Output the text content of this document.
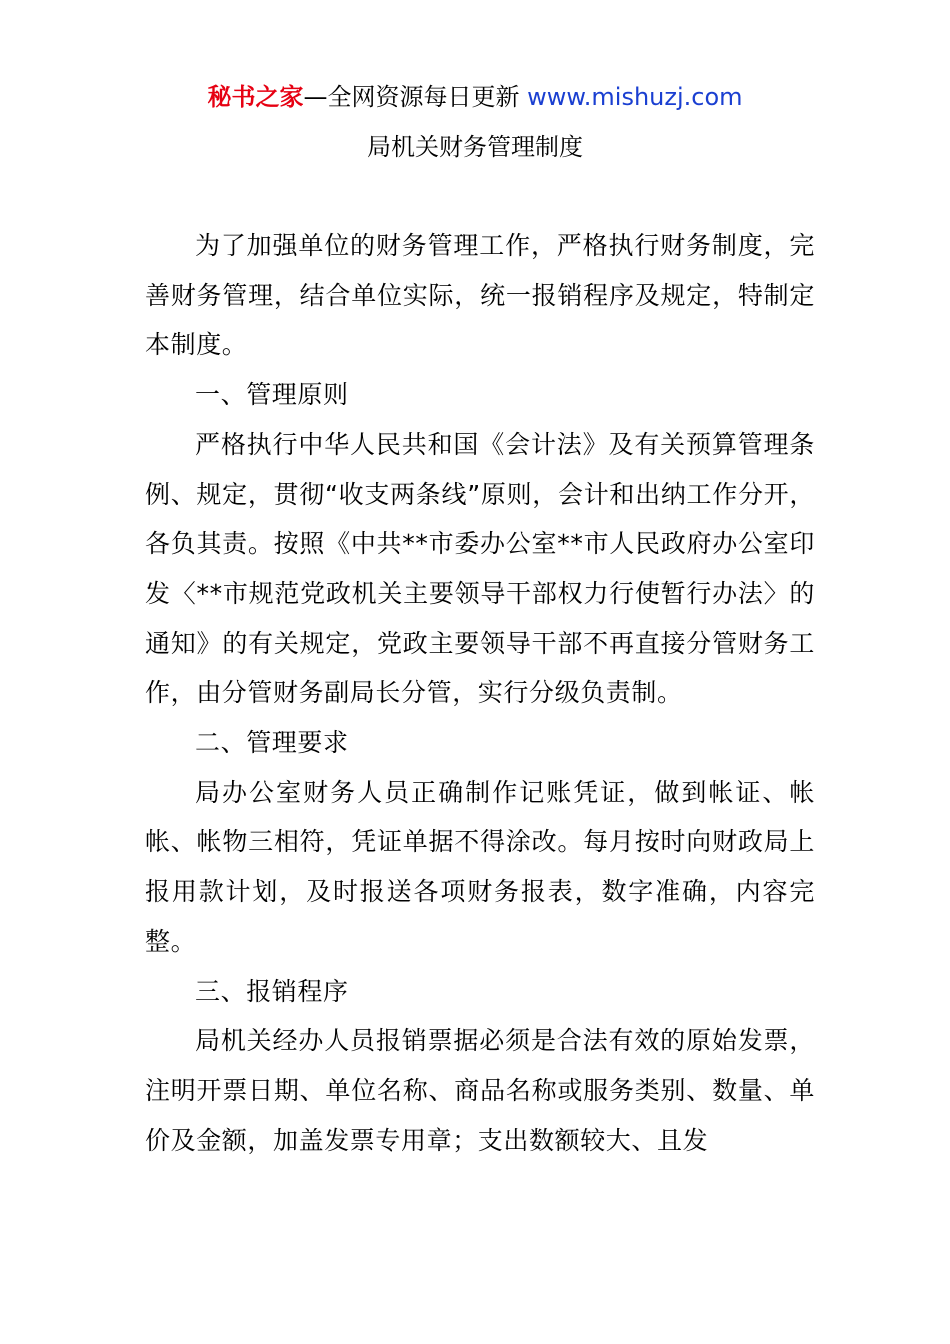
秘书之家—全网资源每日更新 www.mishuzj.com
局机关财务管理制度

为了加强单位的财务管理工作，严格执行财务制度，完善财务管理，结合单位实际，统一报销程序及规定，特制定本制度。

一、管理原则

严格执行中华人民共和国《会计法》及有关预算管理条例、规定，贯彻“收支两条线”原则，会计和出纳工作分开，各负其责。按照《中共**市委办公室**市人民政府办公室印发〈**市规范党政机关主要领导干部权力行使暂行办法〉的通知》的有关规定，党政主要领导干部不再直接分管财务工作，由分管财务副局长分管，实行分级负责制。

二、管理要求

局办公室财务人员正确制作记账凭证，做到帐证、帐帐、帐物三相符，凭证单据不得涂改。每月按时向财政局上报用款计划，及时报送各项财务报表，数字准确，内容完整。

三、报销程序

局机关经办人员报销票据必须是合法有效的原始发票，注明开票日期、单位名称、商品名称或服务类别、数量、单价及金额，加盖发票专用章；支出数额较大、且发
